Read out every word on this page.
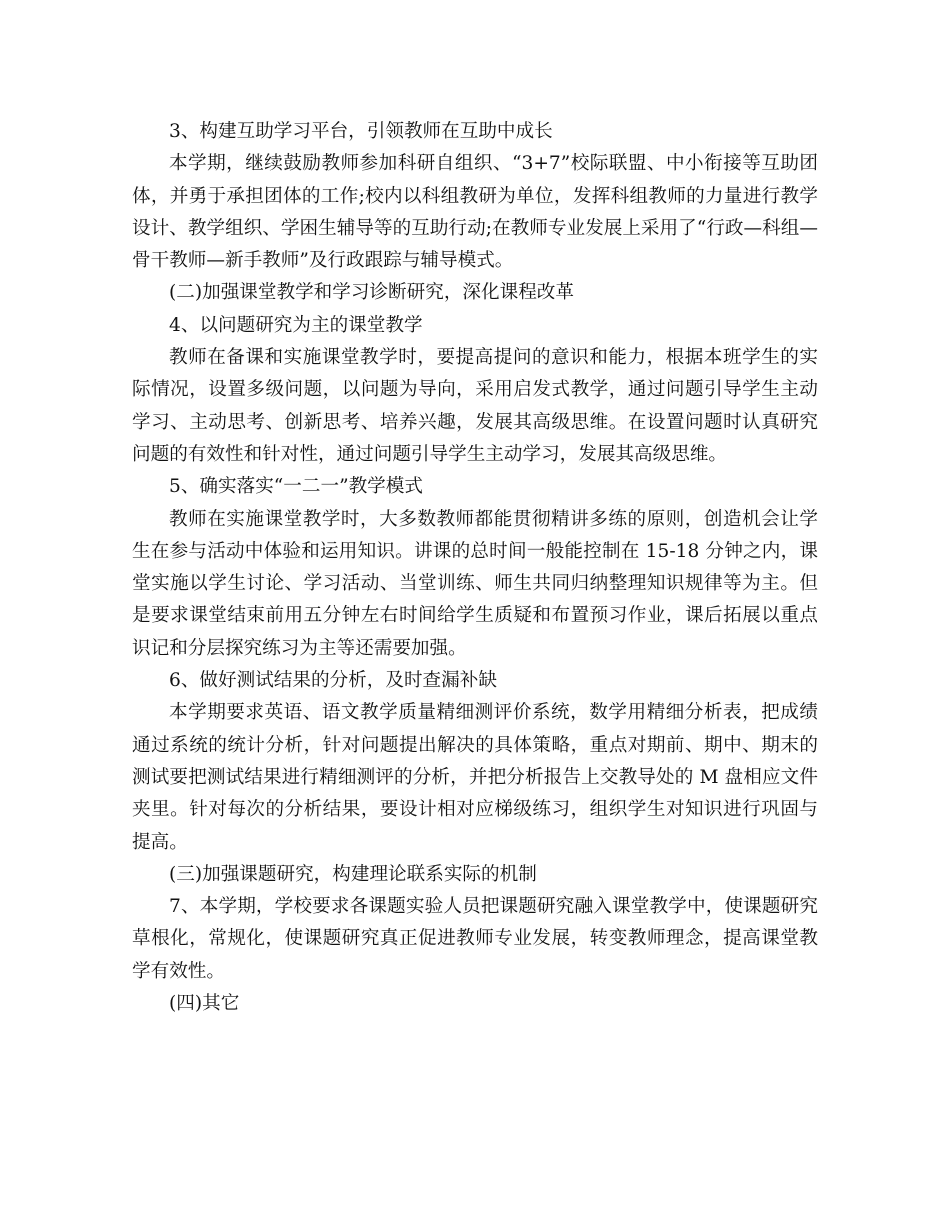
3、构建互助学习平台，引领教师在互助中成长

本学期，继续鼓励教师参加科研自组织、“3+7”校际联盟、中小衔接等互助团体，并勇于承担团体的工作;校内以科组教研为单位，发挥科组教师的力量进行教学设计、教学组织、学困生辅导等的互助行动;在教师专业发展上采用了“行政—科组—骨干教师—新手教师”及行政跟踪与辅导模式。

(二)加强课堂教学和学习诊断研究，深化课程改革

4、以问题研究为主的课堂教学

教师在备课和实施课堂教学时，要提高提问的意识和能力，根据本班学生的实际情况，设置多级问题，以问题为导向，采用启发式教学，通过问题引导学生主动学习、主动思考、创新思考、培养兴趣，发展其高级思维。在设置问题时认真研究问题的有效性和针对性，通过问题引导学生主动学习，发展其高级思维。

5、确实落实“一二一”教学模式

教师在实施课堂教学时，大多数教师都能贯彻精讲多练的原则，创造机会让学生在参与活动中体验和运用知识。讲课的总时间一般能控制在 15-18 分钟之内，课堂实施以学生讨论、学习活动、当堂训练、师生共同归纳整理知识规律等为主。但是要求课堂结束前用五分钟左右时间给学生质疑和布置预习作业，课后拓展以重点识记和分层探究练习为主等还需要加强。

6、做好测试结果的分析，及时查漏补缺

本学期要求英语、语文教学质量精细测评价系统，数学用精细分析表，把成绩通过系统的统计分析，针对问题提出解决的具体策略，重点对期前、期中、期末的测试要把测试结果进行精细测评的分析，并把分析报告上交教导处的 M 盘相应文件夹里。针对每次的分析结果，要设计相对应梯级练习，组织学生对知识进行巩固与提高。

(三)加强课题研究，构建理论联系实际的机制

7、本学期，学校要求各课题实验人员把课题研究融入课堂教学中，使课题研究草根化，常规化，使课题研究真正促进教师专业发展，转变教师理念，提高课堂教学有效性。

(四)其它
